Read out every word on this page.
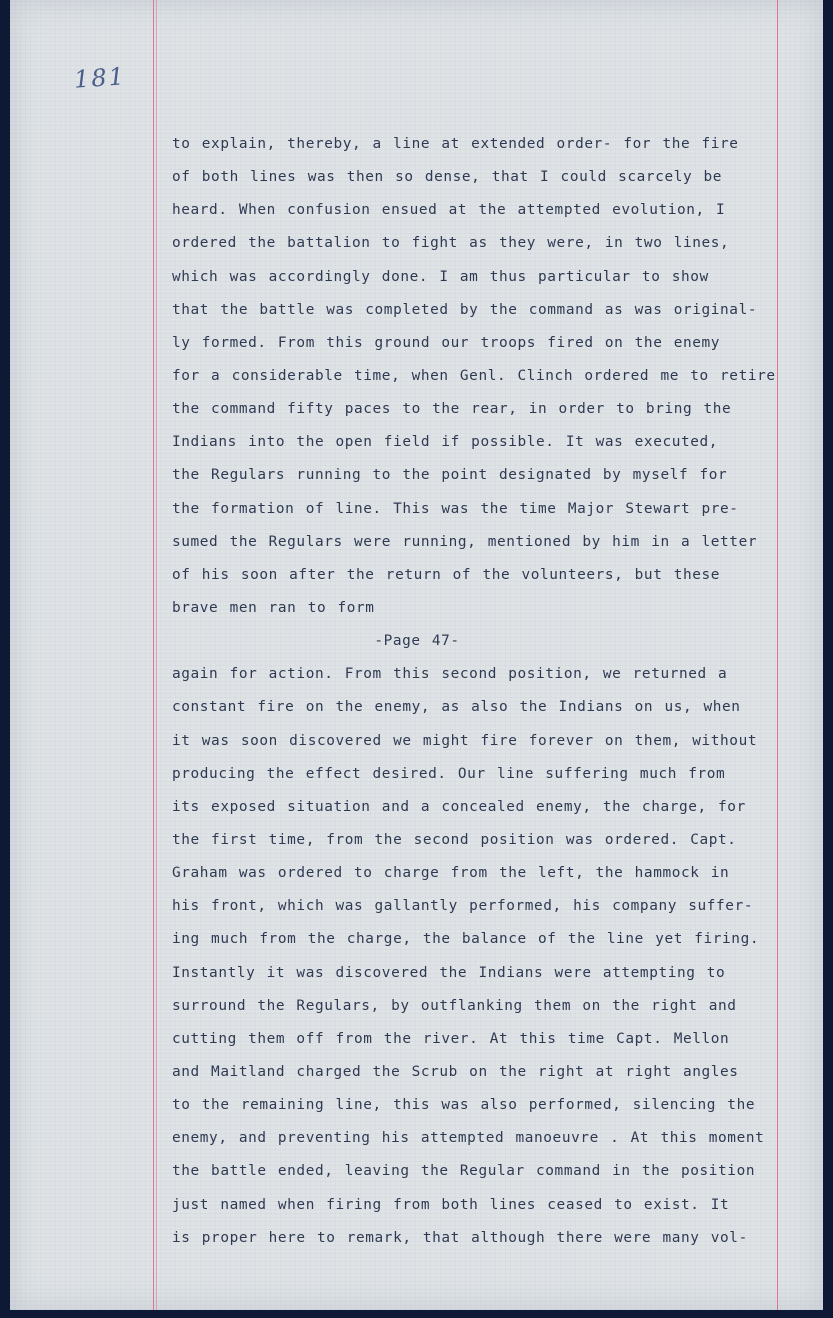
181
to explain, thereby, a line at extended order- for the fire
of both lines was then so dense, that I could scarcely be
heard. When confusion ensued at the attempted evolution, I
ordered the battalion to fight as they were, in two lines,
which was accordingly done. I am thus particular to show
that the battle was completed by the command as was original-
ly formed. From this ground our troops fired on the enemy
for a considerable time, when Genl. Clinch ordered me to retire
the command fifty paces to the rear, in order to bring the
Indians into the open field if possible. It was executed,
the Regulars running to the point designated by myself for
the formation of line. This was the time Major Stewart pre-
sumed the Regulars were running, mentioned by him in a letter
of his soon after the return of the volunteers, but these
brave men ran to form
-Page 47-
again for action. From this second position, we returned a
constant fire on the enemy, as also the Indians on us, when
it was soon discovered we might fire forever on them, without
producing the effect desired. Our line suffering much from
its exposed situation and a concealed enemy, the charge, for
the first time, from the second position was ordered. Capt.
Graham was ordered to charge from the left, the hammock in
his front, which was gallantly performed, his company suffer-
ing much from the charge, the balance of the line yet firing.
Instantly it was discovered the Indians were attempting to
surround the Regulars, by outflanking them on the right and
cutting them off from the river. At this time Capt. Mellon
and Maitland charged the Scrub on the right at right angles
to the remaining line, this was also performed, silencing the
enemy, and preventing his attempted manoeuvre . At this moment
the battle ended, leaving the Regular command in the position
just named when firing from both lines ceased to exist. It
is proper here to remark, that although there were many vol-
